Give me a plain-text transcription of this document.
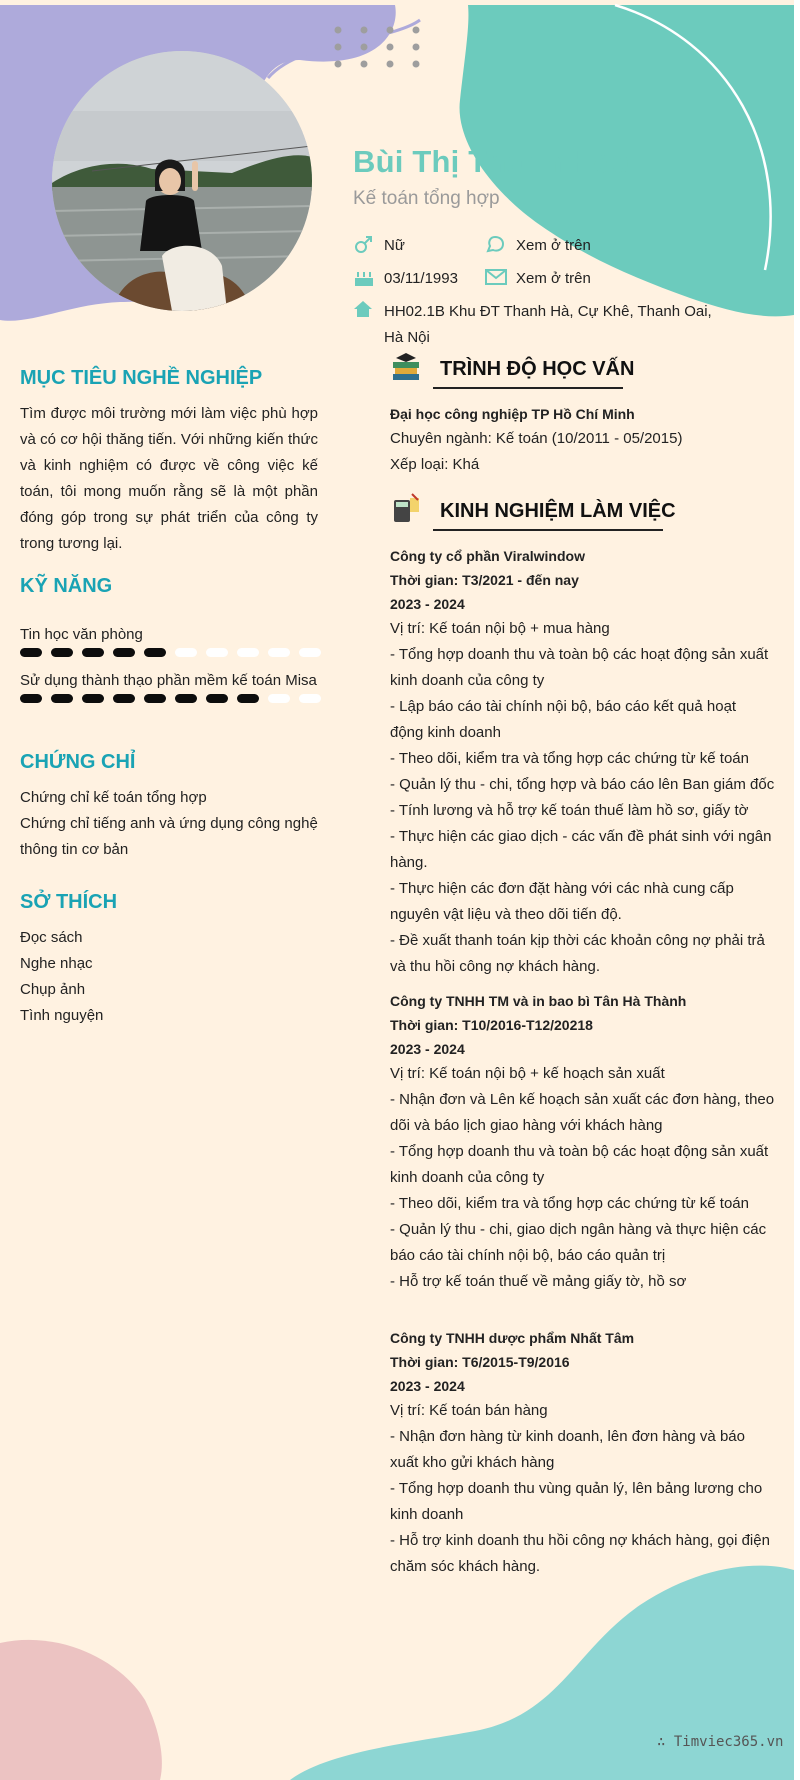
Bùi Thị Thanh Hoa
Kế toán tổng hợp
Nữ	Xem ở trên
03/11/1993	Xem ở trên
HH02.1B Khu ĐT Thanh Hà, Cự Khê, Thanh Oai,
Hà Nội
MỤC TIÊU NGHỀ NGHIỆP
Tìm được môi trường mới làm việc phù hợp và có cơ hội thăng tiến. Với những kiến thức và kinh nghiệm có được về công việc kế toán, tôi mong muốn rằng sẽ là một phần đóng góp trong sự phát triển của công ty trong tương lại.
KỸ NĂNG
Tin học văn phòng
Sử dụng thành thạo phần mềm kế toán Misa
CHỨNG CHỈ
Chứng chỉ kế toán tổng hợp
Chứng chỉ tiếng anh và ứng dụng công nghệ
thông tin cơ bản
SỞ THÍCH
Đọc sách
Nghe nhạc
Chụp ảnh
Tình nguyện
TRÌNH ĐỘ HỌC VẤN
Đại học công nghiệp TP Hồ Chí Minh
Chuyên ngành: Kế toán (10/2011 - 05/2015)
Xếp loại: Khá
KINH NGHIỆM LÀM VIỆC
Công ty cổ phần Viralwindow
Thời gian: T3/2021 - đến nay
2023 - 2024
Vị trí: Kế toán nội bộ + mua hàng
- Tổng hợp doanh thu và toàn bộ các hoạt động sản xuất
kinh doanh của công ty
- Lập báo cáo tài chính nội bộ, báo cáo kết quả hoạt
động kinh doanh
- Theo dõi, kiểm tra và tổng hợp các chứng từ kế toán
- Quản lý thu - chi, tổng hợp và báo cáo lên Ban giám đốc
- Tính lương và hỗ trợ kế toán thuế làm hồ sơ, giấy tờ
- Thực hiện các giao dịch - các vấn đề phát sinh với ngân
hàng.
- Thực hiện các đơn đặt hàng với các nhà cung cấp
nguyên vật liệu và theo dõi tiến độ.
- Đề xuất thanh toán kịp thời các khoản công nợ phải trả
và thu hồi công nợ khách hàng.
Công ty TNHH TM và in bao bì Tân Hà Thành
Thời gian: T10/2016-T12/20218
2023 - 2024
Vị trí: Kế toán nội bộ + kế hoạch sản xuất
- Nhận đơn và Lên kế hoạch sản xuất các đơn hàng, theo
dõi và báo lịch giao hàng với khách hàng
- Tổng hợp doanh thu và toàn bộ các hoạt động sản xuất
kinh doanh của công ty
- Theo dõi, kiểm tra và tổng hợp các chứng từ kế toán
- Quản lý thu - chi, giao dịch ngân hàng và thực hiện các
báo cáo tài chính nội bộ, báo cáo quản trị
- Hỗ trợ kế toán thuế về mảng giấy tờ, hồ sơ
Công ty TNHH dược phẩm Nhất Tâm
Thời gian: T6/2015-T9/2016
2023 - 2024
Vị trí: Kế toán bán hàng
- Nhận đơn hàng từ kinh doanh, lên đơn hàng và báo
xuất kho gửi khách hàng
- Tổng hợp doanh thu vùng quản lý, lên bảng lương cho
kinh doanh
- Hỗ trợ kinh doanh thu hồi công nợ khách hàng, gọi điện
chăm sóc khách hàng.
∴ Timviec365.vn
